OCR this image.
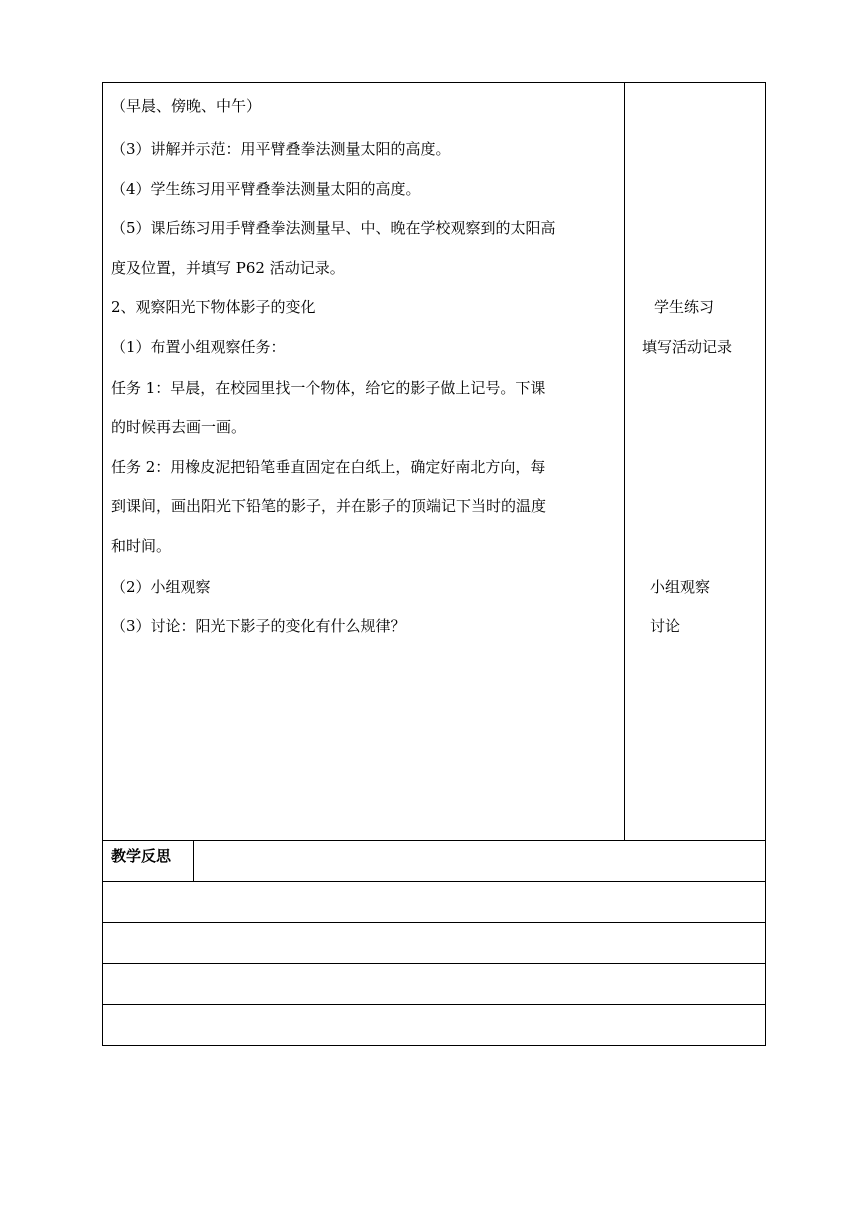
（早晨、傍晚、中午）
（3）讲解并示范：用平臂叠拳法测量太阳的高度。
（4）学生练习用平臂叠拳法测量太阳的高度。
（5）课后练习用手臂叠拳法测量早、中、晚在学校观察到的太阳高
度及位置，并填写 P62 活动记录。
2、观察阳光下物体影子的变化
（1）布置小组观察任务：
任务 1：早晨，在校园里找一个物体，给它的影子做上记号。下课
的时候再去画一画。
任务 2：用橡皮泥把铅笔垂直固定在白纸上，确定好南北方向，每
到课间，画出阳光下铅笔的影子，并在影子的顶端记下当时的温度
和时间。
（2）小组观察
（3）讨论：阳光下影子的变化有什么规律？
学生练习
填写活动记录
小组观察
讨论
教学反思
